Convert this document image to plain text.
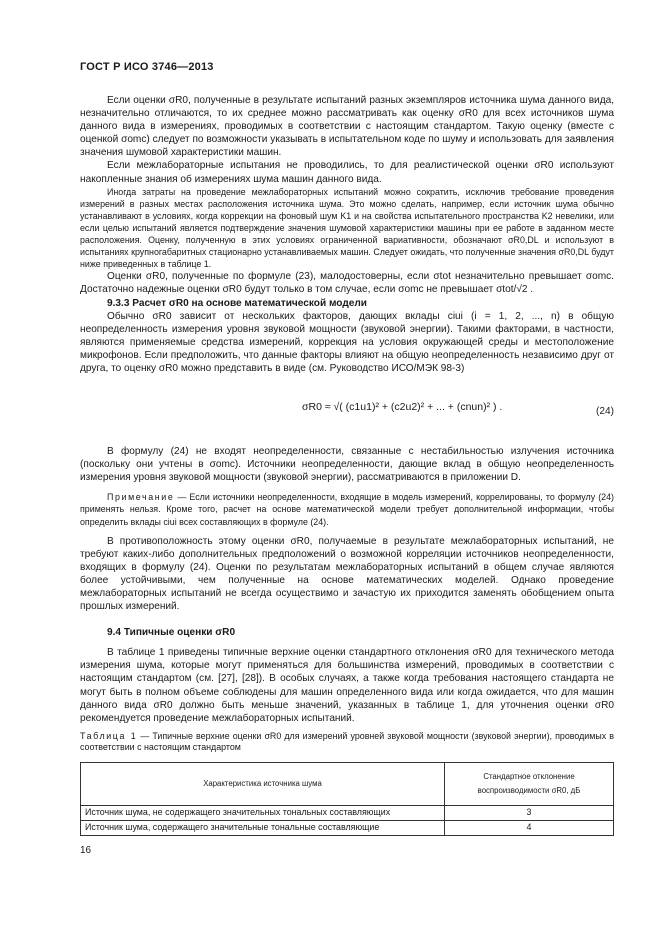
ГОСТ Р ИСО 3746—2013

Если оценки σR0, полученные в результате испытаний разных экземпляров источника шума данного вида, незначительно отличаются, то их среднее можно рассматривать как оценку σR0 для всех источников шума данного вида в измерениях, проводимых в соответствии с настоящим стандартом. Такую оценку (вместе с оценкой σomc) следует по возможности указывать в испытательном коде по шуму и использовать для заявления значения шумовой характеристики машин.

Если межлабораторные испытания не проводились, то для реалистической оценки σR0 используют накопленные знания об измерениях шума машин данного вида.

Иногда затраты на проведение межлабораторных испытаний можно сократить, исключив требование проведения измерений в разных местах расположения источника шума. Это можно сделать, например, если источник шума обычно устанавливают в условиях, когда коррекции на фоновый шум K1 и на свойства испытательного пространства K2 невелики, или если целью испытаний является подтверждение значения шумовой характеристики машины при ее работе в заданном месте расположения. Оценку, полученную в этих условиях ограниченной вариативности, обозначают σR0,DL и используют в испытаниях крупногабаритных стационарно устанавливаемых машин. Следует ожидать, что полученные значения σR0,DL будут ниже приведенных в таблице 1.

Оценки σR0, полученные по формуле (23), малодостоверны, если σtot незначительно превышает σomc. Достаточно надежные оценки σR0 будут только в том случае, если σomc не превышает σtot/√2 .

9.3.3 Расчет σR0 на основе математической модели

Обычно σR0 зависит от нескольких факторов, дающих вклады ciui (i = 1, 2, ..., n) в общую неопределенность измерения уровня звуковой мощности (звуковой энергии). Такими факторами, в частности, являются применяемые средства измерений, коррекция на условия окружающей среды и местоположение микрофонов. Если предположить, что данные факторы влияют на общую неопределенность независимо друг от друга, то оценку σR0 можно представить в виде (см. Руководство ИСО/МЭК 98-3)

σR0 ≈ √( (c1u1)² + (c2u2)² + ... + (cnun)² ) .	(24)

В формулу (24) не входят неопределенности, связанные с нестабильностью излучения источника (поскольку они учтены в σomc). Источники неопределенности, дающие вклад в общую неопределенность измерения уровня звуковой мощности (звуковой энергии), рассматриваются в приложении D.

Примечание — Если источники неопределенности, входящие в модель измерений, коррелированы, то формулу (24) применять нельзя. Кроме того, расчет на основе математической модели требует дополнительной информации, чтобы определить вклады ciui всех составляющих в формуле (24).

В противоположность этому оценки σR0, получаемые в результате межлабораторных испытаний, не требуют каких-либо дополнительных предположений о возможной корреляции источников неопределенности, входящих в формулу (24). Оценки по результатам межлабораторных испытаний в общем случае являются более устойчивыми, чем полученные на основе математических моделей. Однако проведение межлабораторных испытаний не всегда осуществимо и зачастую их приходится заменять обобщением опыта прошлых измерений.

9.4 Типичные оценки σR0

В таблице 1 приведены типичные верхние оценки стандартного отклонения σR0 для технического метода измерения шума, которые могут применяться для большинства измерений, проводимых в соответствии с настоящим стандартом (см. [27], [28]). В особых случаях, а также когда требования настоящего стандарта не могут быть в полном объеме соблюдены для машин определенного вида или когда ожидается, что для машин данного вида σR0 должно быть меньше значений, указанных в таблице 1, для уточнения оценки σR0 рекомендуется проведение межлабораторных испытаний.

Таблица 1 — Типичные верхние оценки σR0 для измерений уровней звуковой мощности (звуковой энергии), проводимых в соответствии с настоящим стандартом

Характеристика источника шума	Стандартное отклонение воспроизводимости σR0, дБ
Источник шума, не содержащего значительных тональных составляющих	3
Источник шума, содержащего значительные тональные составляющие	4
16
